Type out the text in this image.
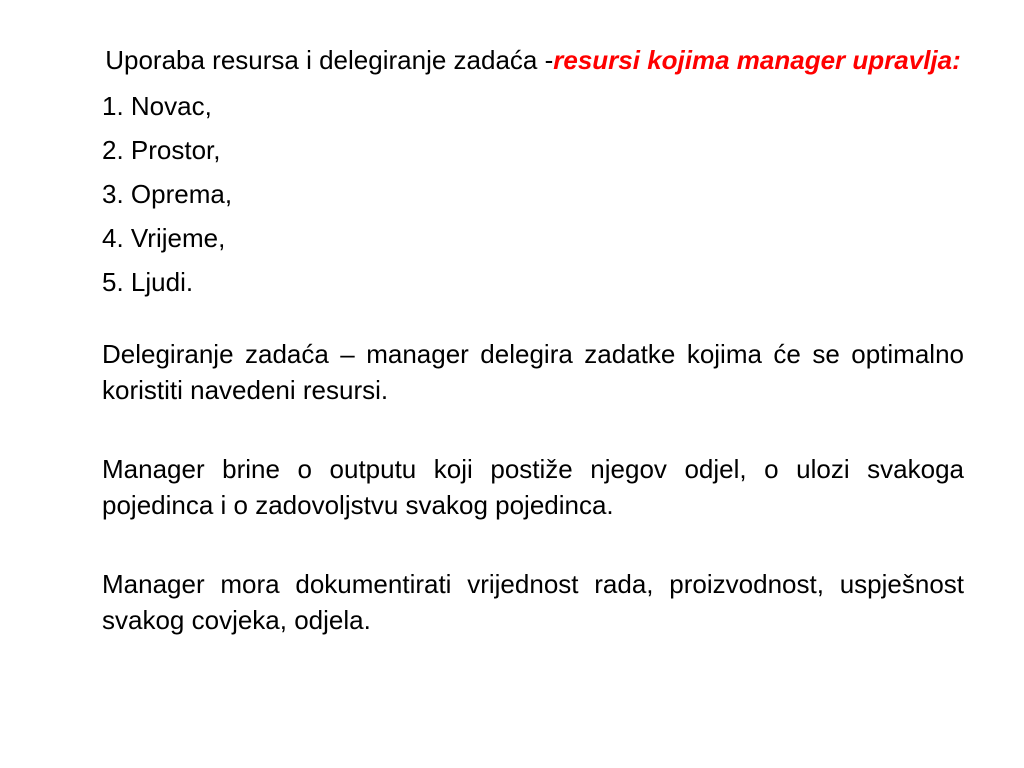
Uporaba resursa i delegiranje zadaća -resursi kojima manager upravlja:

1. Novac,
2. Prostor,
3. Oprema,
4. Vrijeme,
5. Ljudi.

Delegiranje zadaća – manager delegira zadatke kojima će se optimalno koristiti navedeni resursi.

Manager brine o outputu koji postiže njegov odjel, o ulozi svakoga pojedinca i o zadovoljstvu svakog pojedinca.

Manager mora dokumentirati vrijednost rada, proizvodnost, uspješnost svakog covjeka, odjela.
